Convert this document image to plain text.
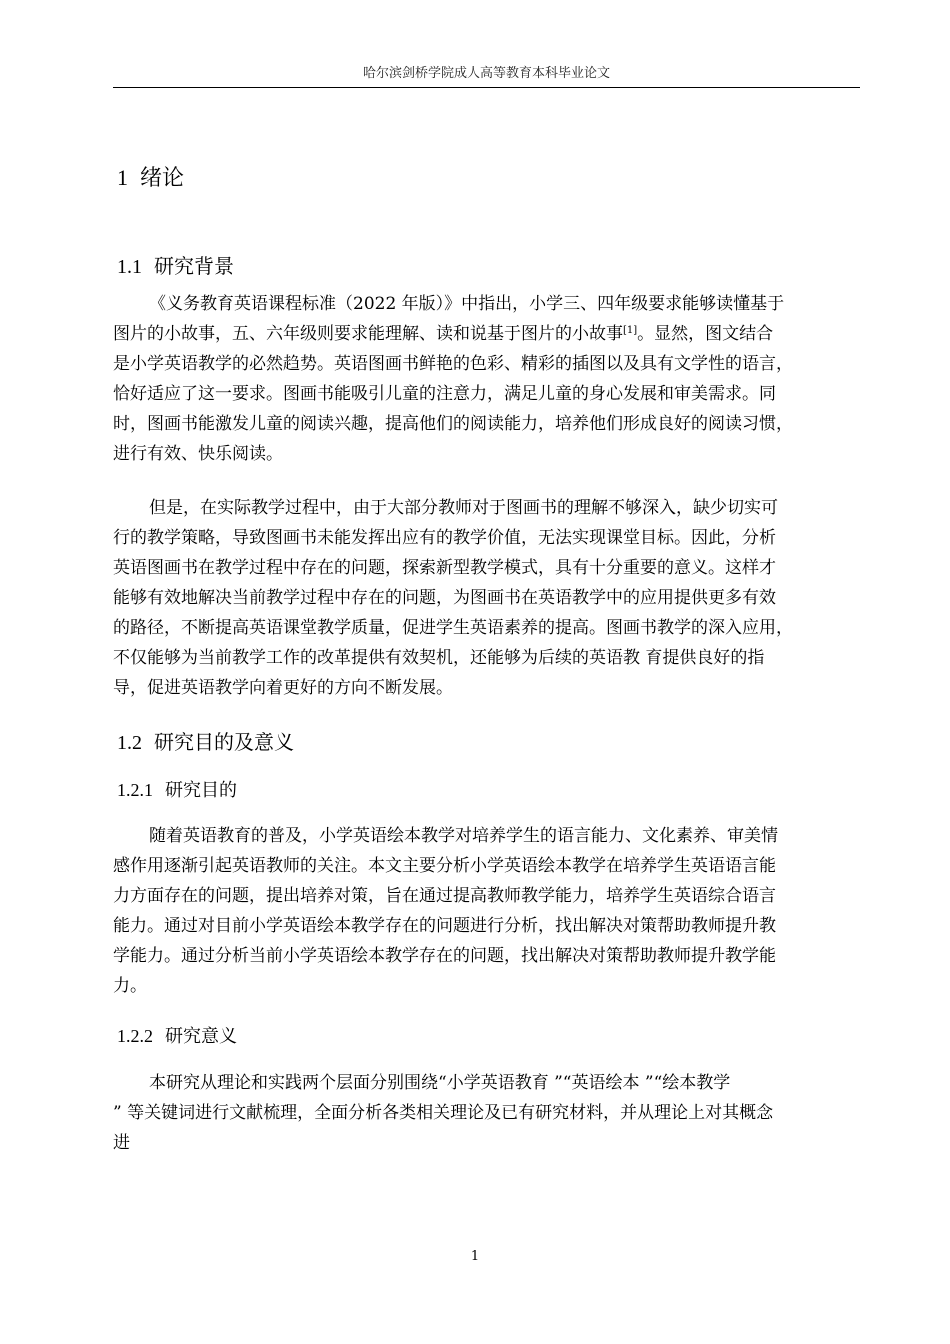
哈尔滨剑桥学院成人高等教育本科毕业论文
1 绪论
1.1 研究背景
《义务教育英语课程标准（2022 年版）》中指出，小学三、四年级要求能够读懂基于
图片的小故事，五、六年级则要求能理解、读和说基于图片的小故事[1]。显然，图文结合
是小学英语教学的必然趋势。英语图画书鲜艳的色彩、精彩的插图以及具有文学性的语言，
恰好适应了这一要求。图画书能吸引儿童的注意力，满足儿童的身心发展和审美需求。同
时，图画书能激发儿童的阅读兴趣，提高他们的阅读能力，培养他们形成良好的阅读习惯，
进行有效、快乐阅读。
但是，在实际教学过程中，由于大部分教师对于图画书的理解不够深入，缺少切实可
行的教学策略，导致图画书未能发挥出应有的教学价值，无法实现课堂目标。因此，分析
英语图画书在教学过程中存在的问题，探索新型教学模式，具有十分重要的意义。这样才
能够有效地解决当前教学过程中存在的问题，为图画书在英语教学中的应用提供更多有效
的路径，不断提高英语课堂教学质量，促进学生英语素养的提高。图画书教学的深入应用，
不仅能够为当前教学工作的改革提供有效契机，还能够为后续的英语教 育提供良好的指
导，促进英语教学向着更好的方向不断发展。
1.2 研究目的及意义
1.2.1 研究目的
随着英语教育的普及，小学英语绘本教学对培养学生的语言能力、文化素养、审美情
感作用逐渐引起英语教师的关注。本文主要分析小学英语绘本教学在培养学生英语语言能
力方面存在的问题，提出培养对策，旨在通过提高教师教学能力，培养学生英语综合语言
能力。通过对目前小学英语绘本教学存在的问题进行分析，找出解决对策帮助教师提升教
学能力。通过分析当前小学英语绘本教学存在的问题，找出解决对策帮助教师提升教学能
力。
1.2.2 研究意义
本研究从理论和实践两个层面分别围绕“小学英语教育 ”“英语绘本 ”“绘本教学
” 等关键词进行文献梳理，全面分析各类相关理论及已有研究材料，并从理论上对其概念
进
1
